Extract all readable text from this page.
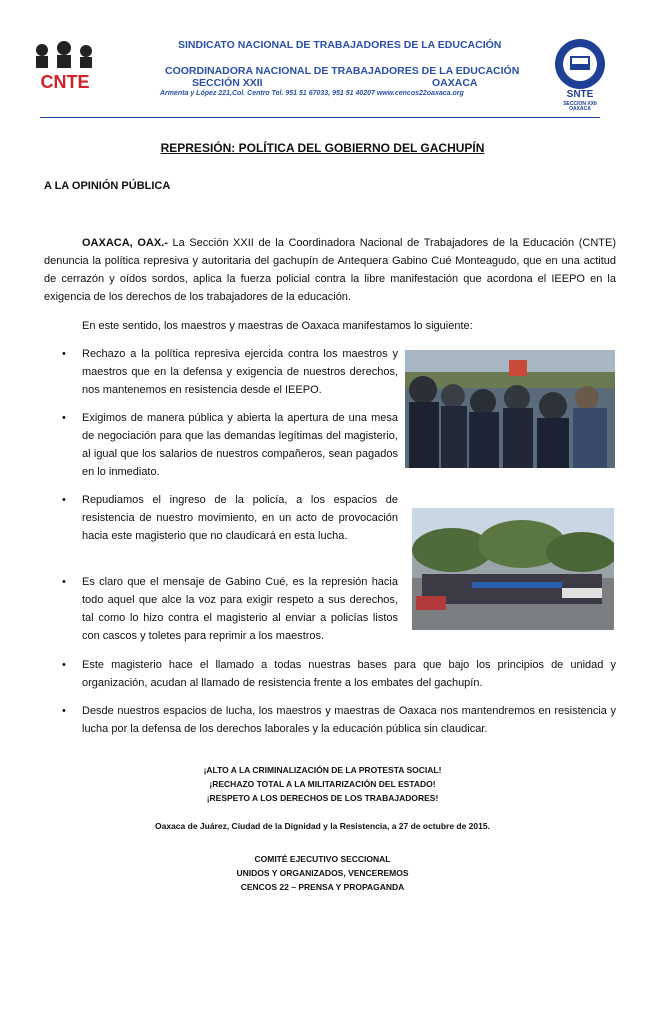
CNTE
SINDICATO NACIONAL DE TRABAJADORES DE LA EDUCACIÓN
COORDINADORA NACIONAL DE TRABAJADORES DE LA EDUCACIÓN
SECCIÓN XXII	OAXACA
Armenta y López 221,Col. Centro Tel. 951 51 67033, 951 51 40207 www.cencos22oaxaca.org	SNTE
SECCION XXII
OAXACA
REPRESIÓN: POLÍTICA DEL GOBIERNO DEL GACHUPÍN
A LA OPINIÓN PÚBLICA
OAXACA, OAX.- La Sección XXII de la Coordinadora Nacional de Trabajadores de la Educación (CNTE) denuncia la política represiva y autoritaria del gachupín de Antequera Gabino Cué Monteagudo, que en una actitud de cerrazón y oídos sordos, aplica la fuerza policial contra la libre manifestación que acordona el IEEPO en la exigencia de los derechos de los trabajadores de la educación.
En este sentido, los maestros y maestras de Oaxaca manifestamos lo siguiente:
• Rechazo a la política represiva ejercida contra los maestros y maestros que en la defensa y exigencia de nuestros derechos, nos mantenemos en resistencia desde el IEEPO.
• Exigimos de manera pública y abierta la apertura de una mesa de negociación para que las demandas legítimas del magisterio, al igual que los salarios de nuestros compañeros, sean pagados en lo inmediato.
• Repudiamos el ingreso de la policía, a los espacios de resistencia de nuestro movimiento, en un acto de provocación hacia este magisterio que no claudicará en esta lucha.
• Es claro que el mensaje de Gabino Cué, es la represión hacia todo aquel que alce la voz para exigir respeto a sus derechos, tal como lo hizo contra el magisterio al enviar a policías listos con cascos y toletes para reprimir a los maestros.
• Este magisterio hace el llamado a todas nuestras bases para que bajo los principios de unidad y organización, acudan al llamado de resistencia frente a los embates del gachupín.
• Desde nuestros espacios de lucha, los maestros y maestras de Oaxaca nos mantendremos en resistencia y lucha por la defensa de los derechos laborales y la educación pública sin claudicar.
¡ALTO A LA CRIMINALIZACIÓN DE LA PROTESTA SOCIAL!
¡RECHAZO TOTAL A LA MILITARIZACIÓN DEL ESTADO!
¡RESPETO A LOS DERECHOS DE LOS TRABAJADORES!
Oaxaca de Juárez, Ciudad de la Dignidad y la Resistencia, a 27 de octubre de 2015.
COMITÉ EJECUTIVO SECCIONAL
UNIDOS Y ORGANIZADOS, VENCEREMOS
CENCOS 22 – PRENSA Y PROPAGANDA
